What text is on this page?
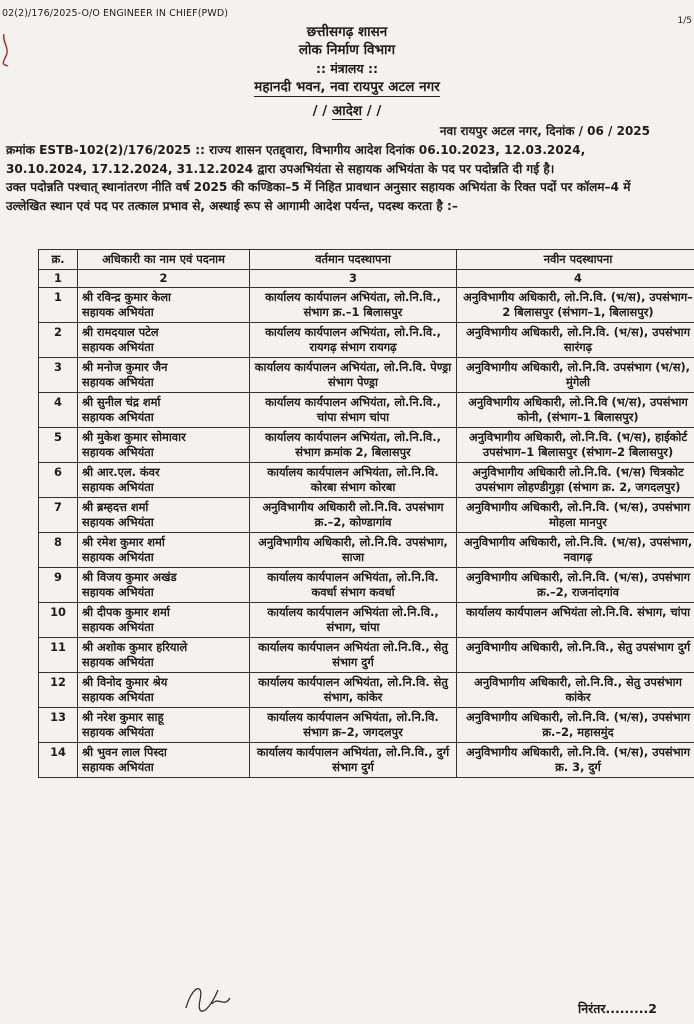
02(2)/176/2025-O/O ENGINEER IN CHIEF(PWD)
1/5
छत्तीसगढ़ शासन
लोक निर्माण विभाग
:: मंत्रालय ::
महानदी भवन, नवा रायपुर अटल नगर
/ / आदेश / /
नवा रायपुर अटल नगर, दिनांक / 06 / 2025
क्रमांक ESTB-102(2)/176/2025 :: राज्य शासन एतद्द्वारा, विभागीय आदेश दिनांक 06.10.2023, 12.03.2024, 30.10.2024, 17.12.2024, 31.12.2024 द्वारा उपअभियंता से सहायक अभियंता के पद पर पदोन्नति दी गई है।
उक्त पदोन्नति पश्चात् स्थानांतरण नीति वर्ष 2025 की कण्डिका–5 में निहित प्रावधान अनुसार सहायक अभियंता के रिक्त पदों पर कॉलम–4 में उल्लेखित स्थान एवं पद पर तत्काल प्रभाव से, अस्थाई रूप से आगामी आदेश पर्यन्त, पदस्थ करता है :–
क्र.	अधिकारी का नाम एवं पदनाम	वर्तमान पदस्थापना	नवीन पदस्थापना
1	2	3	4
1	श्री रविन्द्र कुमार केला
सहायक अभियंता	कार्यालय कार्यपालन अभियंता, लो.नि.वि., संभाग क्र.–1 बिलासपुर	अनुविभागीय अधिकारी, लो.नि.वि. (भ/स), उपसंभाग–2 बिलासपुर (संभाग–1, बिलासपुर)
2	श्री रामदयाल पटेल
सहायक अभियंता	कार्यालय कार्यपालन अभियंता, लो.नि.वि., रायगढ़ संभाग रायगढ़	अनुविभागीय अधिकारी, लो.नि.वि. (भ/स), उपसंभाग सारंगढ़
3	श्री मनोज कुमार जैन
सहायक अभियंता	कार्यालय कार्यपालन अभियंता, लो.नि.वि. पेण्ड्रा संभाग पेण्ड्रा	अनुविभागीय अधिकारी, लो.नि.वि. उपसंभाग (भ/स), मुंगेली
4	श्री सुनील चंद्र शर्मा
सहायक अभियंता	कार्यालय कार्यपालन अभियंता, लो.नि.वि., चांपा संभाग चांपा	अनुविभागीय अधिकारी, लो.नि.वि (भ/स), उपसंभाग कोनी, (संभाग–1 बिलासपुर)
5	श्री मुकेश कुमार सोमावार
सहायक अभियंता	कार्यालय कार्यपालन अभियंता, लो.नि.वि., संभाग क्रमांक 2, बिलासपुर	अनुविभागीय अधिकारी, लो.नि.वि. (भ/स), हाईकोर्ट उपसंभाग–1 बिलासपुर (संभाग–2 बिलासपुर)
6	श्री आर.एल. कंवर
सहायक अभियंता	कार्यालय कार्यपालन अभियंता, लो.नि.वि. कोरबा संभाग कोरबा	अनुविभागीय अधिकारी लो.नि.वि. (भ/स) चित्रकोट उपसंभाग लोहण्डीगुड़ा (संभाग क्र. 2, जगदलपुर)
7	श्री ब्रम्हदत्त शर्मा
सहायक अभियंता	अनुविभागीय अधिकारी लो.नि.वि. उपसंभाग क्र.–2, कोण्डागांव	अनुविभागीय अधिकारी, लो.नि.वि. (भ/स), उपसंभाग मोहला मानपुर
8	श्री रमेश कुमार शर्मा
सहायक अभियंता	अनुविभागीय अधिकारी, लो.नि.वि. उपसंभाग, साजा	अनुविभागीय अधिकारी, लो.नि.वि. (भ/स), उपसंभाग, नवागढ़
9	श्री विजय कुमार अखंड
सहायक अभियंता	कार्यालय कार्यपालन अभियंता, लो.नि.वि. कवर्धा संभाग कवर्धा	अनुविभागीय अधिकारी, लो.नि.वि. (भ/स), उपसंभाग क्र.–2, राजनांदगांव
10	श्री दीपक कुमार शर्मा
सहायक अभियंता	कार्यालय कार्यपालन अभियंता लो.नि.वि., संभाग, चांपा	कार्यालय कार्यपालन अभियंता लो.नि.वि. संभाग, चांपा
11	श्री अशोक कुमार हरियाले
सहायक अभियंता	कार्यालय कार्यपालन अभियंता लो.नि.वि., सेतु संभाग दुर्ग	अनुविभागीय अधिकारी, लो.नि.वि., सेतु उपसंभाग दुर्ग
12	श्री विनोद कुमार श्रेय
सहायक अभियंता	कार्यालय कार्यपालन अभियंता, लो.नि.वि. सेतु संभाग, कांकेर	अनुविभागीय अधिकारी, लो.नि.वि., सेतु उपसंभाग कांकेर
13	श्री नरेश कुमार साहू
सहायक अभियंता	कार्यालय कार्यपालन अभियंता, लो.नि.वि. संभाग क्र–2, जगदलपुर	अनुविभागीय अधिकारी, लो.नि.वि. (भ/स), उपसंभाग क्र.–2, महासमुंद
14	श्री भुवन लाल पिस्दा
सहायक अभियंता	कार्यालय कार्यपालन अभियंता, लो.नि.वि., दुर्ग संभाग दुर्ग	अनुविभागीय अधिकारी, लो.नि.वि. (भ/स), उपसंभाग क्र. 3, दुर्ग
निरंतर.........2
